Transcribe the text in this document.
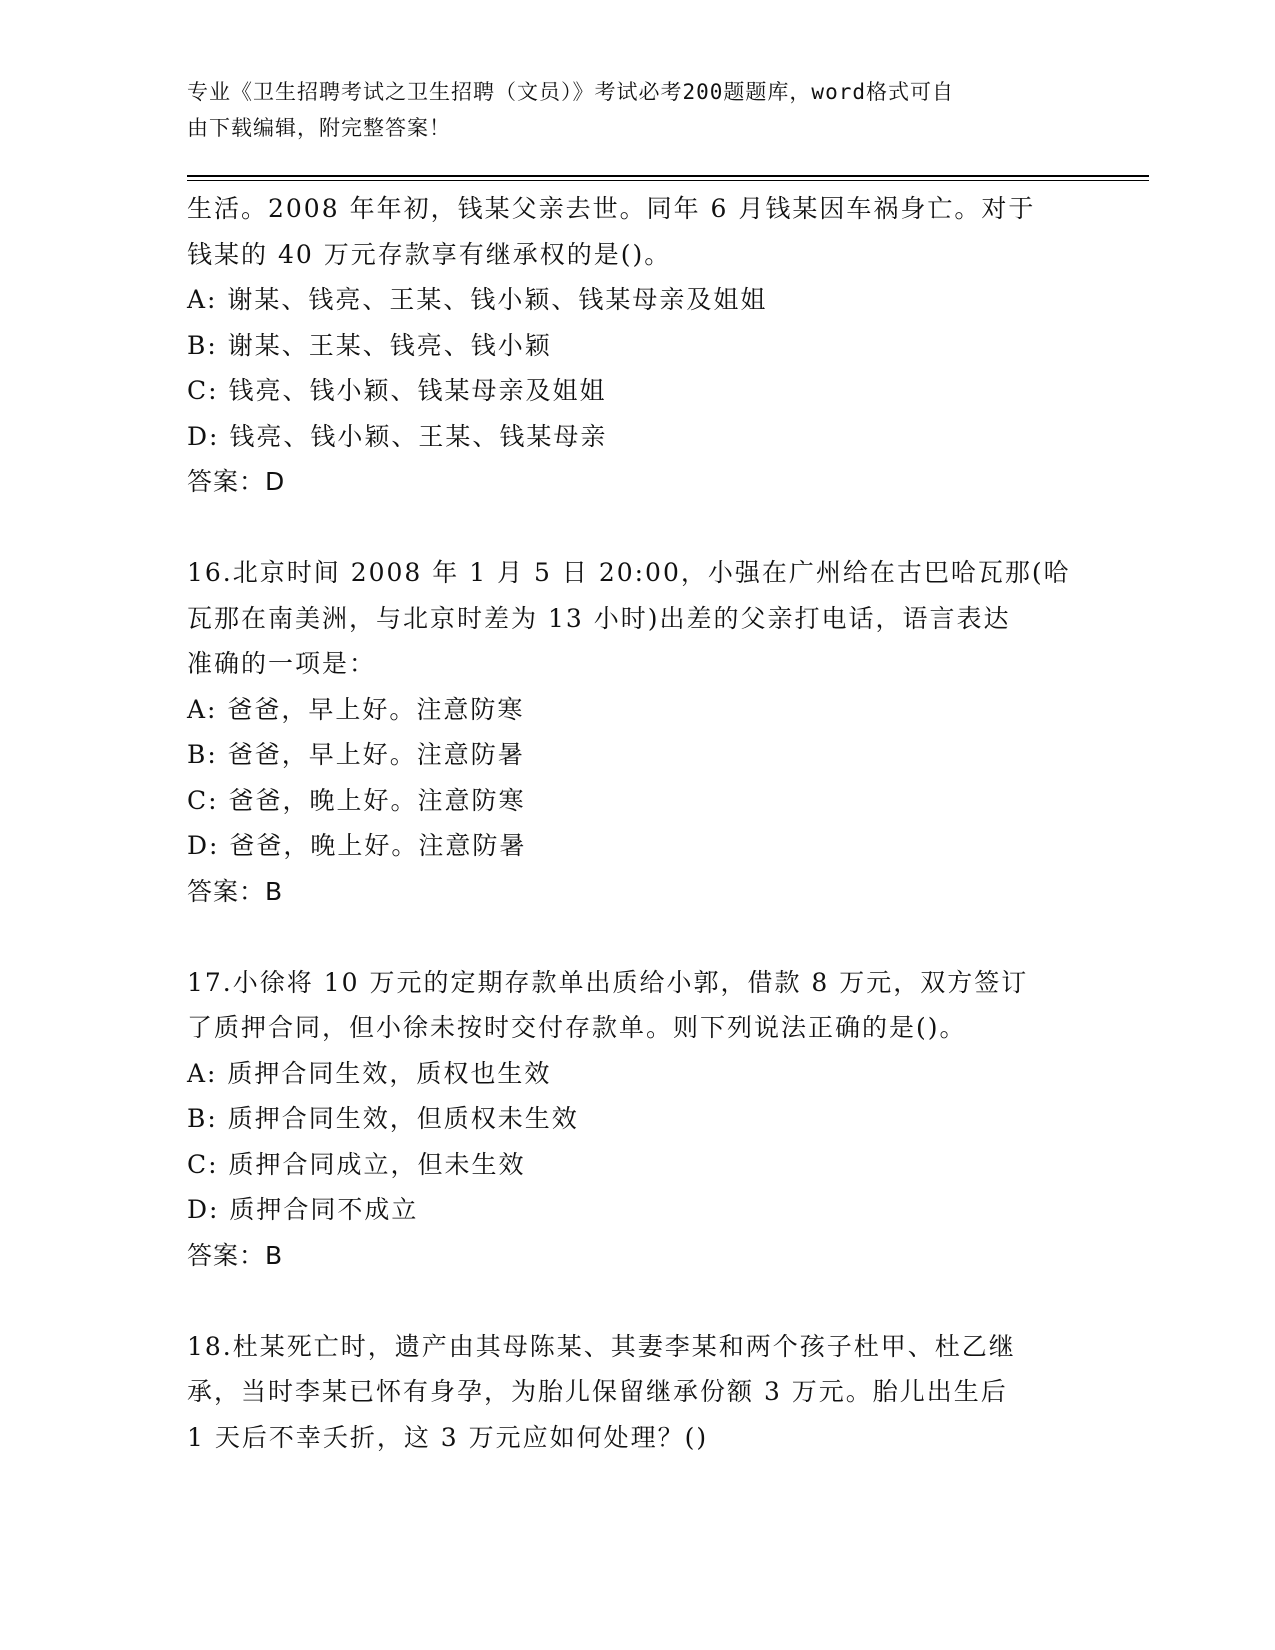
专业《卫生招聘考试之卫生招聘（文员）》考试必考200题题库，word格式可自
由下载编辑，附完整答案！
生活。2008 年年初，钱某父亲去世。同年 6 月钱某因车祸身亡。对于
钱某的 40 万元存款享有继承权的是()。
A: 谢某、钱亮、王某、钱小颖、钱某母亲及姐姐
B: 谢某、王某、钱亮、钱小颖
C: 钱亮、钱小颖、钱某母亲及姐姐
D: 钱亮、钱小颖、王某、钱某母亲
答案：D
16.北京时间 2008 年 1 月 5 日 20:00，小强在广州给在古巴哈瓦那(哈
瓦那在南美洲，与北京时差为 13 小时)出差的父亲打电话，语言表达
准确的一项是：
A: 爸爸，早上好。注意防寒
B: 爸爸，早上好。注意防暑
C: 爸爸，晚上好。注意防寒
D: 爸爸，晚上好。注意防暑
答案：B
17.小徐将 10 万元的定期存款单出质给小郭，借款 8 万元，双方签订
了质押合同，但小徐未按时交付存款单。则下列说法正确的是()。
A: 质押合同生效，质权也生效
B: 质押合同生效，但质权未生效
C: 质押合同成立，但未生效
D: 质押合同不成立
答案：B
18.杜某死亡时，遗产由其母陈某、其妻李某和两个孩子杜甲、杜乙继
承，当时李某已怀有身孕，为胎儿保留继承份额 3 万元。胎儿出生后
1 天后不幸夭折，这 3 万元应如何处理？()
